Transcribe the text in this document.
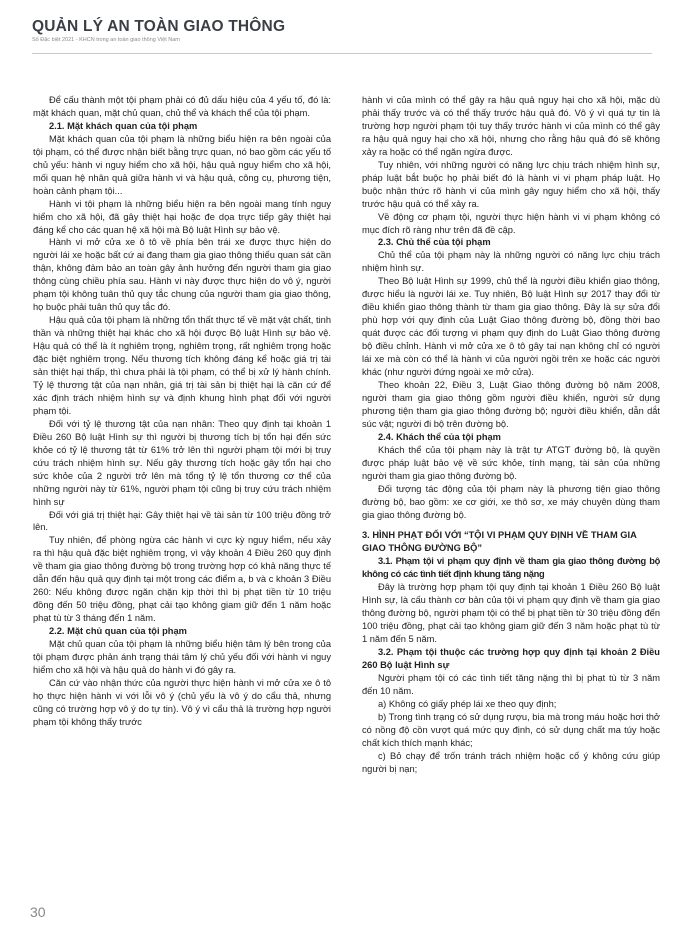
QUẢN LÝ AN TOÀN GIAO THÔNG
Số Đặc biệt 2021 - KHCN trong an toàn giao thông Việt Nam

Để cấu thành một tội phạm phải có đủ dấu hiệu của 4 yếu tố, đó là: mặt khách quan, mặt chủ quan, chủ thể và khách thể của tội phạm.

2.1. Mặt khách quan của tội phạm

Mặt khách quan của tội phạm là những biểu hiện ra bên ngoài của tội phạm, có thể được nhận biết bằng trực quan, nó bao gồm các yếu tố chủ yếu: hành vi nguy hiểm cho xã hội, hậu quả nguy hiểm cho xã hội, mối quan hệ nhân quả giữa hành vi và hậu quả, công cụ, phương tiện, hoàn cảnh phạm tội...

Hành vi tội phạm là những biểu hiện ra bên ngoài mang tính nguy hiểm cho xã hội, đã gây thiệt hại hoặc đe dọa trực tiếp gây thiệt hại đáng kể cho các quan hệ xã hội mà Bộ luật Hình sự bảo vệ.

Hành vi mở cửa xe ô tô về phía bên trái xe được thực hiện do người lái xe hoặc bất cứ ai đang tham gia giao thông thiếu quan sát cần thận, không đảm bảo an toàn gây ảnh hưởng đến người tham gia giao thông cùng chiều phía sau. Hành vi này được thực hiện do vô ý, người phạm tội không tuân thủ quy tắc chung của người tham gia giao thông, họ buộc phải tuân thủ quy tắc đó.

Hậu quả của tội phạm là những tổn thất thực tế về mặt vật chất, tinh thần và những thiệt hại khác cho xã hội được Bộ luật Hình sự bảo vệ. Hậu quả có thể là ít nghiêm trọng, nghiêm trọng, rất nghiêm trọng hoặc đặc biệt nghiêm trọng. Nếu thương tích không đáng kể hoặc giá trị tài sản thiệt hại thấp, thì chưa phải là tội phạm, có thể bị xử lý hành chính. Tỷ lệ thương tật của nạn nhân, giá trị tài sản bị thiệt hại là căn cứ để xác định trách nhiệm hình sự và định khung hình phạt đối với người phạm tội.

Đối với tỷ lệ thương tật của nạn nhân: Theo quy định tại khoản 1 Điều 260 Bộ luật Hình sự thì người bị thương tích bị tổn hại đến sức khỏe có tỷ lệ thương tật từ 61% trở lên thì người phạm tội mới bị truy cứu trách nhiệm hình sự. Nếu gây thương tích hoặc gây tổn hại cho sức khỏe của 2 người trở lên mà tổng tỷ lệ tổn thương cơ thể của những người này từ 61%, người phạm tội cũng bị truy cứu trách nhiệm hình sự

Đối với giá trị thiệt hại: Gây thiệt hại về tài sản từ 100 triệu đồng trở lên.

Tuy nhiên, để phòng ngừa các hành vi cực kỳ nguy hiểm, nếu xảy ra thì hậu quả đặc biệt nghiêm trọng, vì vậy khoản 4 Điều 260 quy định về tham gia giao thông đường bộ trong trường hợp có khả năng thực tế dẫn đến hậu quả quy định tại một trong các điểm a, b và c khoản 3 Điều 260: Nếu không được ngăn chặn kịp thời thì bị phạt tiền từ 10 triệu đồng đến 50 triệu đồng, phạt cải tạo không giam giữ đến 1 năm hoặc phạt tù từ 3 tháng đến 1 năm.

2.2. Mặt chủ quan của tội phạm

Mặt chủ quan của tội phạm là những biểu hiện tâm lý bên trong của tội phạm được phản ánh trạng thái tâm lý chủ yếu đối với hành vi nguy hiểm cho xã hội và hậu quả do hành vi đó gây ra.

Căn cứ vào nhận thức của người thực hiện hành vi mở cửa xe ô tô họ thực hiện hành vi với lỗi vô ý (chủ yếu là vô ý do cẩu thả, nhưng cũng có trường hợp vô ý do tự tin). Vô ý vì cẩu thả là trường hợp người phạm tội không thấy trước

hành vi của mình có thể gây ra hậu quả nguy hại cho xã hội, mặc dù phải thấy trước và có thể thấy trước hậu quả đó. Vô ý vì quá tự tin là trường hợp người phạm tội tuy thấy trước hành vi của mình có thể gây ra hậu quả nguy hại cho xã hội, nhưng cho rằng hậu quả đó sẽ không xảy ra hoặc có thể ngăn ngừa được.

Tuy nhiên, với những người có năng lực chịu trách nhiệm hình sự, pháp luật bắt buộc họ phải biết đó là hành vi vi phạm pháp luật. Họ buộc nhận thức rõ hành vi của mình gây nguy hiểm cho xã hội, thấy trước hậu quả có thể xảy ra.

Về động cơ phạm tội, người thực hiện hành vi vi phạm không có mục đích rõ ràng như trên đã đề cập.

2.3. Chủ thể của tội phạm

Chủ thể của tội phạm này là những người có năng lực chịu trách nhiệm hình sự.

Theo Bộ luật Hình sự 1999, chủ thể là người điều khiển giao thông, được hiểu là người lái xe. Tuy nhiên, Bộ luật Hình sự 2017 thay đổi từ điều khiển giao thông thành từ tham gia giao thông. Đây là sự sửa đổi phù hợp với quy định của Luật Giao thông đường bộ, đồng thời bao quát được các đối tượng vi phạm quy định do Luật Giao thông đường bộ điều chỉnh. Hành vi mở cửa xe ô tô gây tai nạn không chỉ có người lái xe mà còn có thể là hành vi của người ngồi trên xe hoặc các người khác (như người đứng ngoài xe mở cửa).

Theo khoản 22, Điều 3, Luật Giao thông đường bộ năm 2008, người tham gia giao thông gồm người điều khiển, người sử dụng phương tiện tham gia giao thông đường bộ; người điều khiển, dẫn dắt súc vật; người đi bộ trên đường bộ.

2.4. Khách thể của tội phạm

Khách thể của tội phạm này là trật tự ATGT đường bộ, là quyền được pháp luật bảo vệ về sức khỏe, tính mạng, tài sản của những người tham gia giao thông đường bộ.

Đối tượng tác động của tội phạm này là phương tiện giao thông đường bộ, bao gồm: xe cơ giới, xe thô sơ, xe máy chuyên dùng tham gia giao thông đường bộ.

3. HÌNH PHẠT ĐỐI VỚI “TỘI VI PHẠM QUY ĐỊNH VỀ THAM GIA GIAO THÔNG ĐƯỜNG BỘ”

3.1. Phạm tội vi phạm quy định về tham gia giao thông đường bộ không có các tình tiết định khung tăng nặng

Đây là trường hợp phạm tội quy định tại khoản 1 Điều 260 Bộ luật Hình sự, là cấu thành cơ bản của tội vi phạm quy định về tham gia giao thông đường bộ, người phạm tội có thể bị phạt tiền từ 30 triệu đồng đến 100 triệu đồng, phạt cải tạo không giam giữ đến 3 năm hoặc phạt tù từ 1 năm đến 5 năm.

3.2. Phạm tội thuộc các trường hợp quy định tại khoản 2 Điều 260 Bộ luật Hình sự

Người phạm tội có các tình tiết tăng nặng thì bị phạt tù từ 3 năm đến 10 năm.

a) Không có giấy phép lái xe theo quy định;

b) Trong tình trạng có sử dụng rượu, bia mà trong máu hoặc hơi thở có nồng độ cồn vượt quá mức quy định, có sử dụng chất ma túy hoặc chất kích thích mạnh khác;

c) Bỏ chạy để trốn tránh trách nhiệm hoặc cố ý không cứu giúp người bị nạn;

30
